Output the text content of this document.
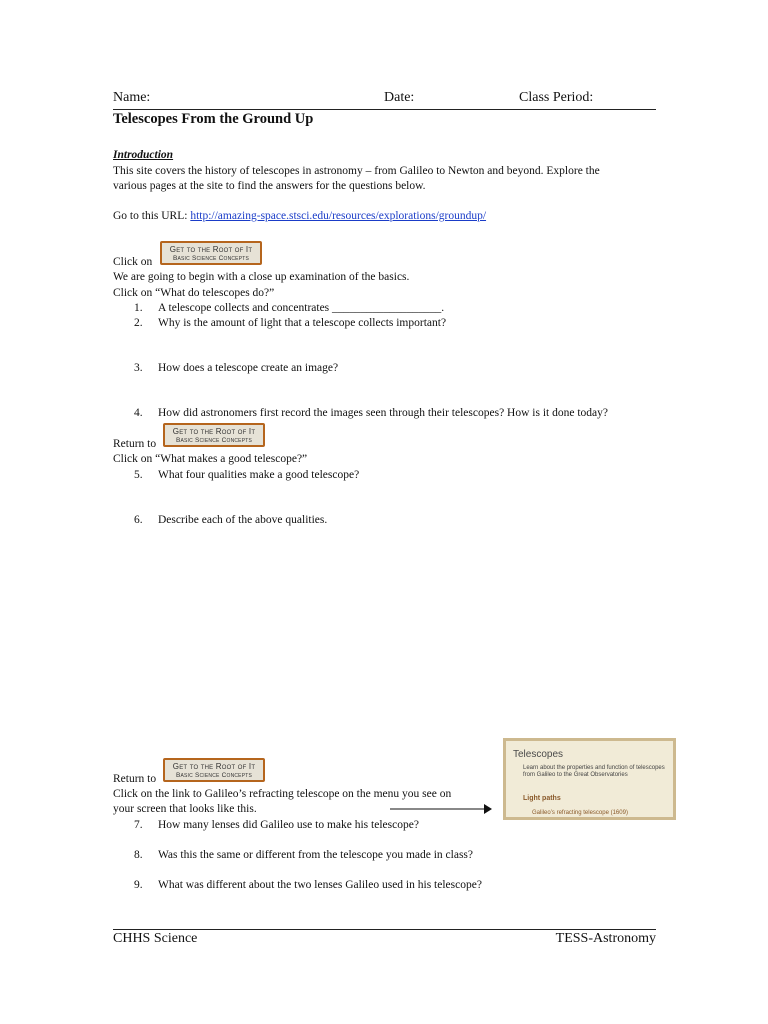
Name:	Date:	Class Period:
Telescopes From the Ground Up
Introduction
This site covers the history of telescopes in astronomy – from Galileo to Newton and beyond. Explore the
various pages at the site to find the answers for the questions below.
Go to this URL: http://amazing-space.stsci.edu/resources/explorations/groundup/
Get to the Root of It
Basic Science Concepts
Click on
We are going to begin with a close up examination of the basics.
Click on “What do telescopes do?”
1. A telescope collects and concentrates ___________________.
2. Why is the amount of light that a telescope collects important?
3. How does a telescope create an image?
4. How did astronomers first record the images seen through their telescopes? How is it done today?
Get to the Root of It
Basic Science Concepts
Return to
Click on “What makes a good telescope?”
5. What four qualities make a good telescope?
6. Describe each of the above qualities.
Get to the Root of It
Basic Science Concepts
Return to
Click on the link to Galileo’s refracting telescope on the menu you see on
your screen that looks like this.
Telescopes
Learn about the properties and function of telescopes from Galileo to the Great Observatories
Light paths
Galileo’s refracting telescope (1609)
7. How many lenses did Galileo use to make his telescope?
8. Was this the same or different from the telescope you made in class?
9. What was different about the two lenses Galileo used in his telescope?
CHHS Science	TESS-Astronomy
